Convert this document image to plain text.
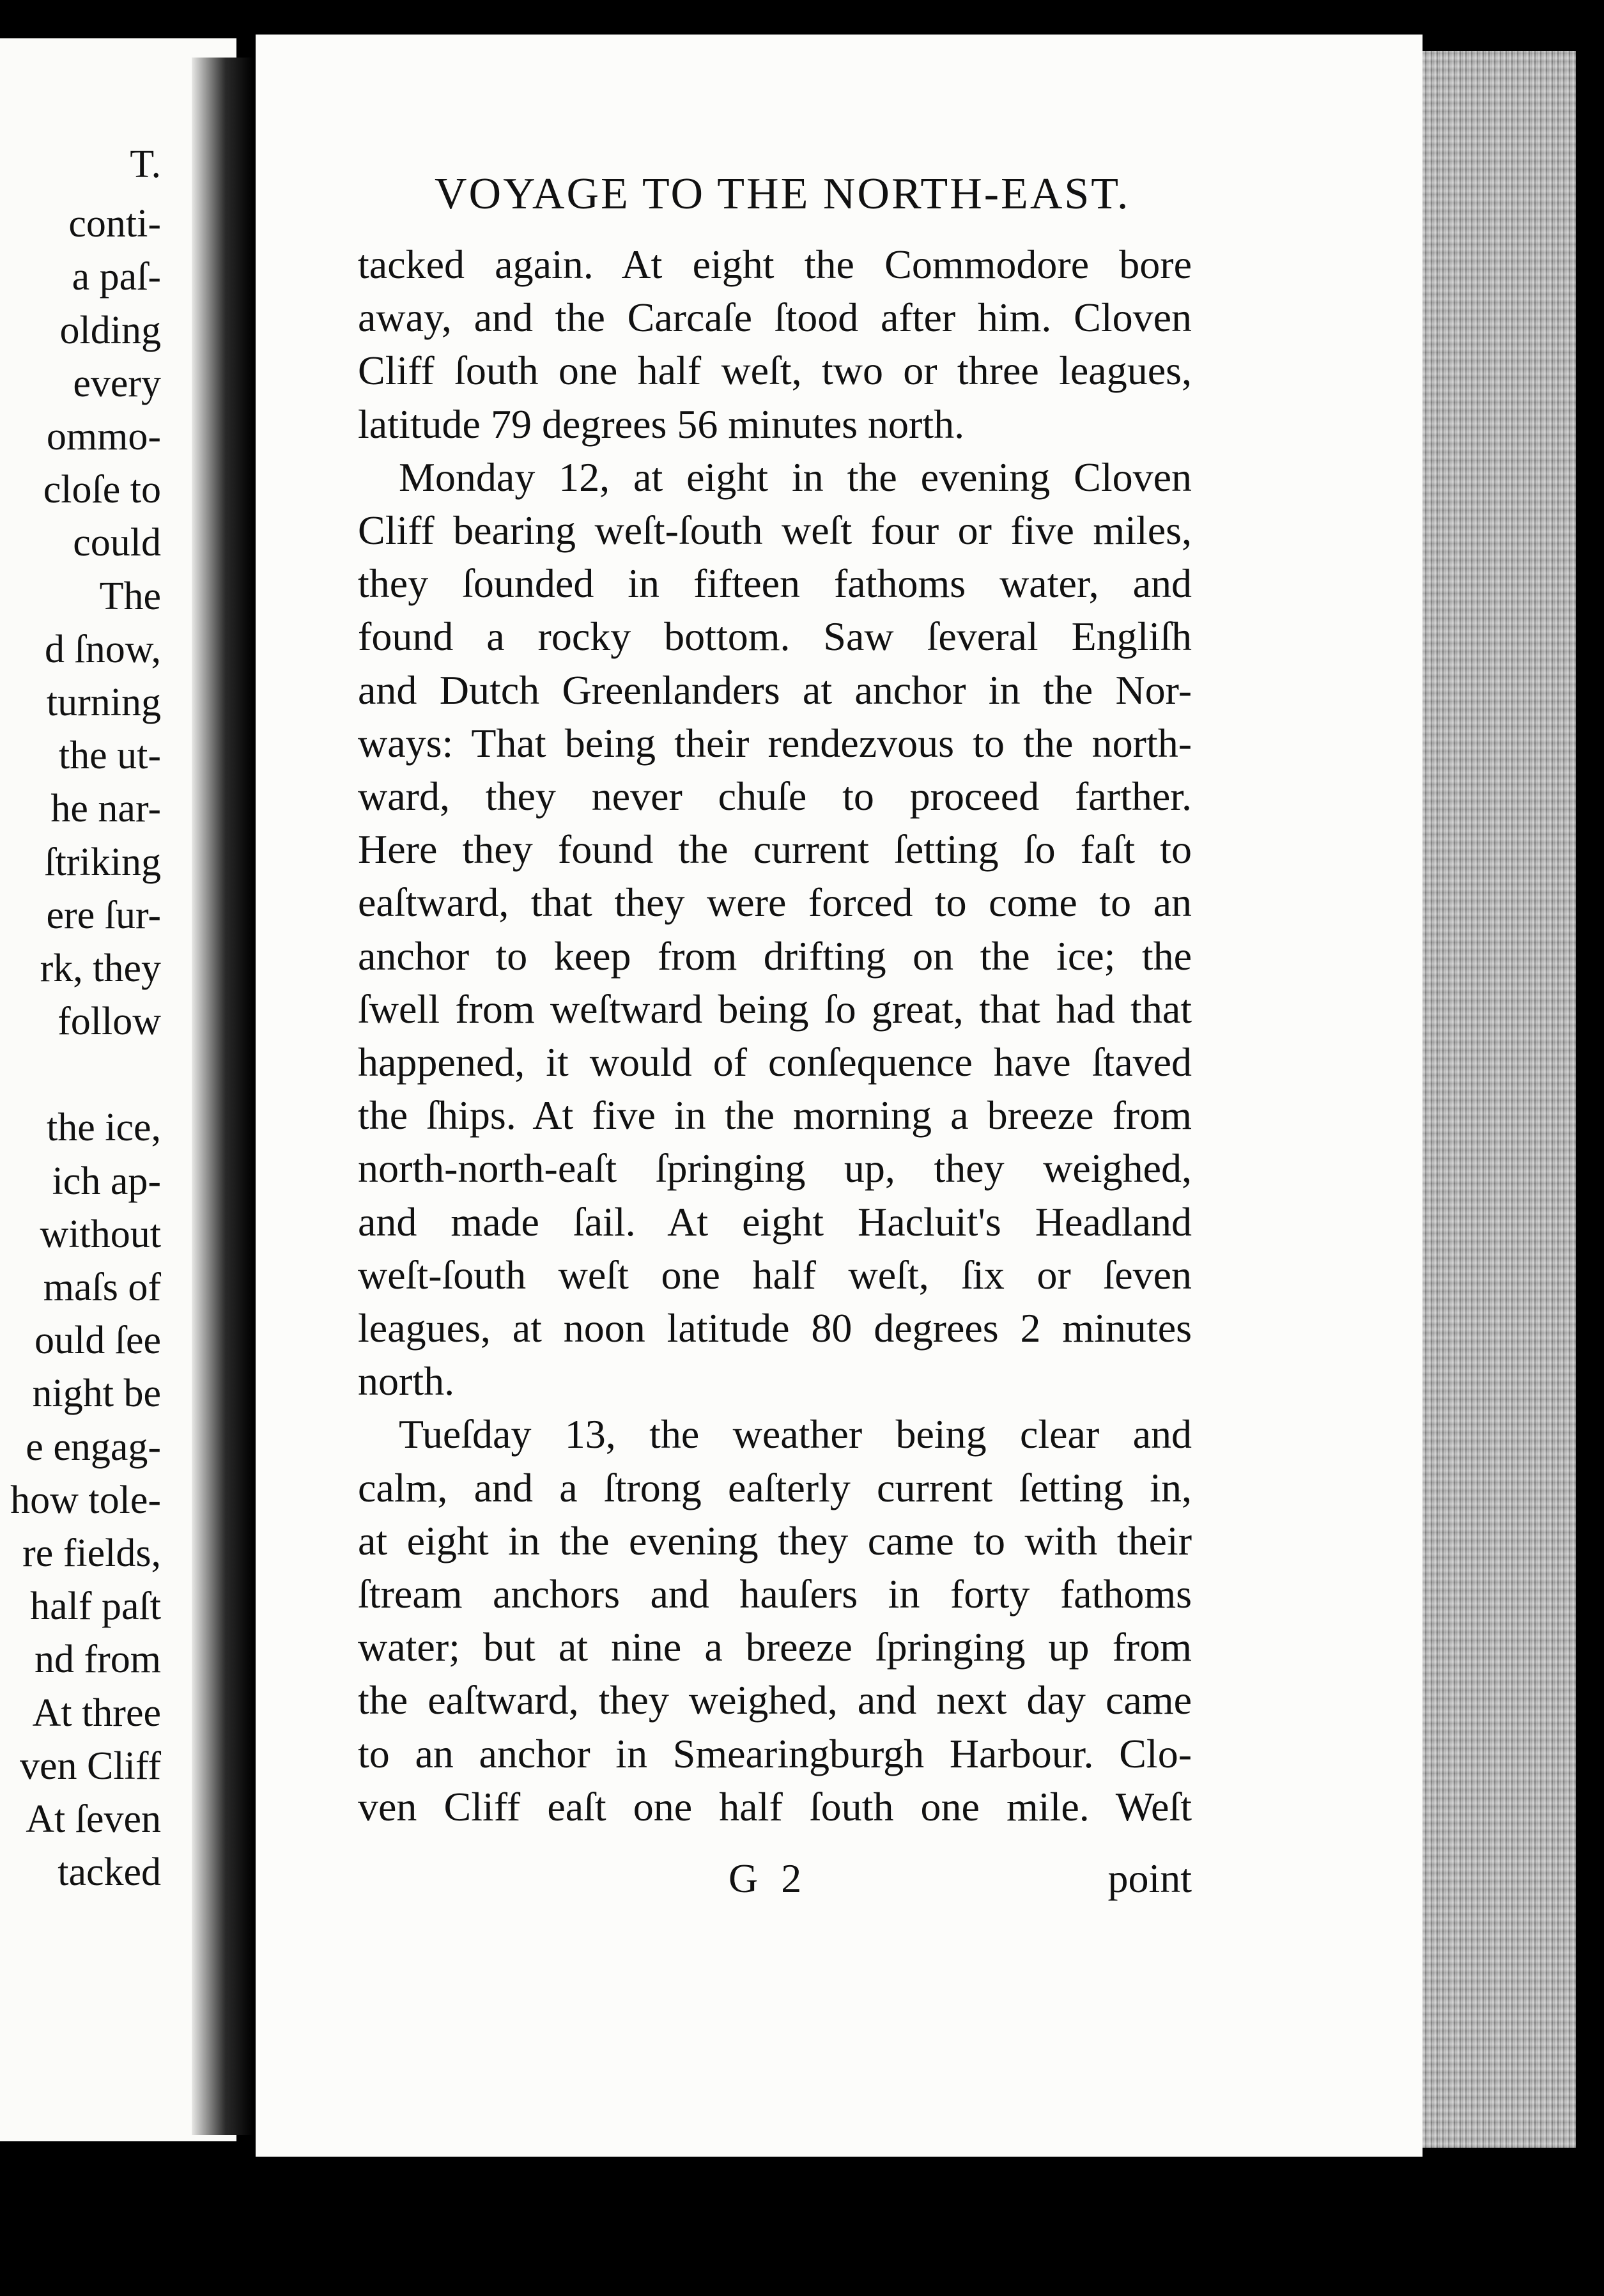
T.
conti-
a paſ-
olding
every
ommo-
cloſe to
could
The
d ſnow,
turning
the ut-
he nar-
ſtriking
ere ſur-
rk, they
follow
the ice,
ich ap-
without
maſs of
ould ſee
night be
e engag-
how tole-
re fields,
half paſt
nd from
At three
ven Cliff
At ſeven
tacked
VOYAGE TO THE NORTH-EAST.
tacked again. At eight the Commodore bore
away, and the Carcaſe ſtood after him. Cloven
Cliff ſouth one half weſt, two or three leagues,
latitude 79 degrees 56 minutes north.
Monday 12, at eight in the evening Cloven
Cliff bearing weſt-ſouth weſt four or five miles,
they ſounded in fifteen fathoms water, and
found a rocky bottom. Saw ſeveral Engliſh
and Dutch Greenlanders at anchor in the Nor-
ways: That being their rendezvous to the north-
ward, they never chuſe to proceed farther.
Here they found the current ſetting ſo faſt to
eaſtward, that they were forced to come to an
anchor to keep from drifting on the ice; the
ſwell from weſtward being ſo great, that had that
happened, it would of conſequence have ſtaved
the ſhips. At five in the morning a breeze from
north-north-eaſt ſpringing up, they weighed,
and made ſail. At eight Hacluit's Headland
weſt-ſouth weſt one half weſt, ſix or ſeven
leagues, at noon latitude 80 degrees 2 minutes
north.
Tueſday 13, the weather being clear and
calm, and a ſtrong eaſterly current ſetting in,
at eight in the evening they came to with their
ſtream anchors and hauſers in forty fathoms
water; but at nine a breeze ſpringing up from
the eaſtward, they weighed, and next day came
to an anchor in Smearingburgh Harbour. Clo-
ven Cliff eaſt one half ſouth one mile. Weſt
G 2	point
